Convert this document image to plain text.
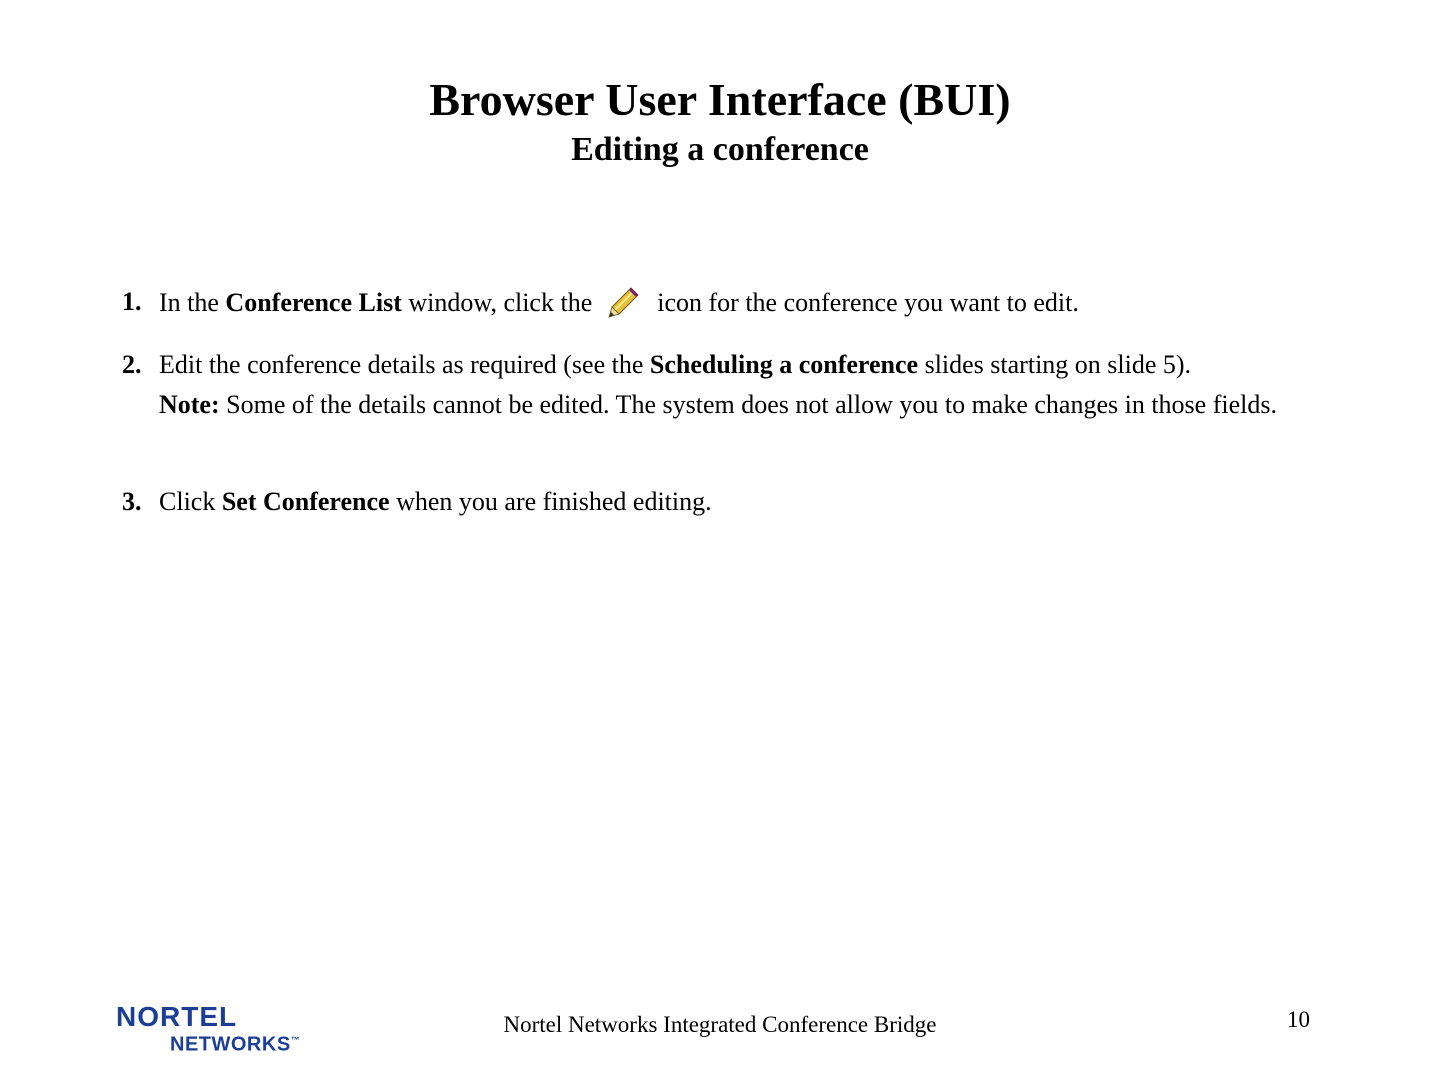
Browser User Interface (BUI)
Editing a conference
1. In the Conference List window, click the  icon for the conference you want to edit.
2. Edit the conference details as required (see the Scheduling a conference slides starting on slide 5).
Note: Some of the details cannot be edited. The system does not allow you to make changes in those fields.
3. Click Set Conference when you are finished editing.
NORTEL
NETWORKS™
Nortel Networks Integrated Conference Bridge	10
